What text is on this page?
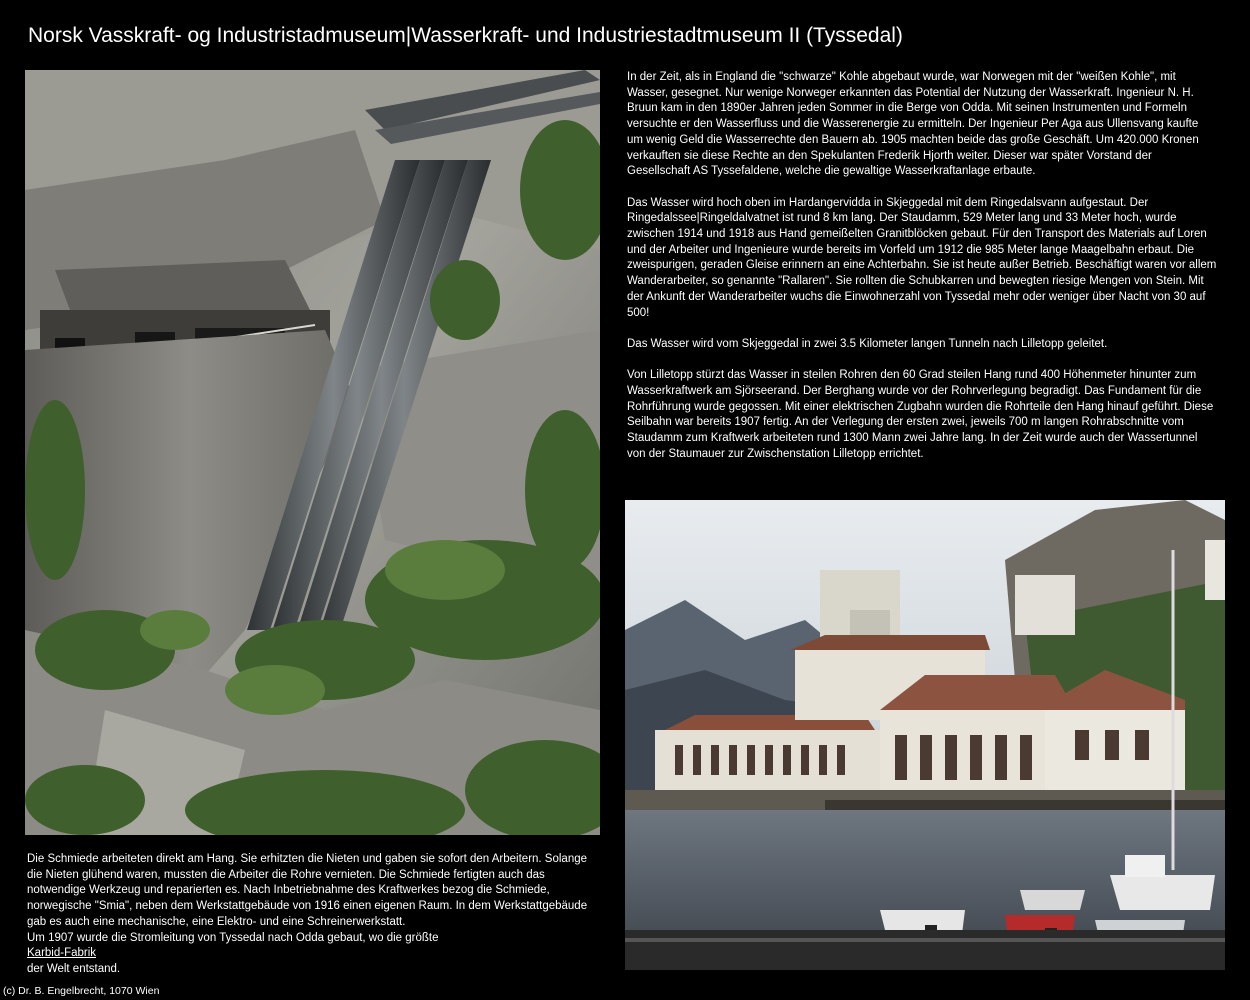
Norsk Vasskraft- og Industristadmuseum|Wasserkraft- und Industriestadtmuseum II (Tyssedal)

In der Zeit, als in England die "schwarze" Kohle abgebaut wurde, war Norwegen mit der "weißen Kohle", mit Wasser, gesegnet. Nur wenige Norweger erkannten das Potential der Nutzung der Wasserkraft. Ingenieur N. H. Bruun kam in den 1890er Jahren jeden Sommer in die Berge von Odda. Mit seinen Instrumenten und Formeln versuchte er den Wasserfluss und die Wasserenergie zu ermitteln. Der Ingenieur Per Aga aus Ullensvang kaufte um wenig Geld die Wasserrechte den Bauern ab. 1905 machten beide das große Geschäft. Um 420.000 Kronen verkauften sie diese Rechte an den Spekulanten Frederik Hjorth weiter. Dieser war später Vorstand der Gesellschaft AS Tyssefaldene, welche die gewaltige Wasserkraftanlage erbaute.

Das Wasser wird hoch oben im Hardangervidda in Skjeggedal mit dem Ringedalsvann aufgestaut. Der Ringedalssee|Ringeldalvatnet ist rund 8 km lang. Der Staudamm, 529 Meter lang und 33 Meter hoch, wurde zwischen 1914 und 1918 aus Hand gemeißelten Granitblöcken gebaut. Für den Transport des Materials auf Loren und der Arbeiter und Ingenieure wurde bereits im Vorfeld um 1912 die 985 Meter lange Maagelbahn erbaut. Die zweispurigen, geraden Gleise erinnern an eine Achterbahn. Sie ist heute außer Betrieb. Beschäftigt waren vor allem Wanderarbeiter, so genannte "Rallaren". Sie rollten die Schubkarren und bewegten riesige Mengen von Stein. Mit der Ankunft der Wanderarbeiter wuchs die Einwohnerzahl von Tyssedal mehr oder weniger über Nacht von 30 auf 500!

Das Wasser wird vom Skjeggedal in zwei 3.5 Kilometer langen Tunneln nach Lilletopp geleitet.

Von Lilletopp stürzt das Wasser in steilen Rohren den 60 Grad steilen Hang rund 400 Höhenmeter hinunter zum Wasserkraftwerk am Sjörseerand. Der Berghang wurde vor der Rohrverlegung begradigt. Das Fundament für die Rohrführung wurde gegossen. Mit einer elektrischen Zugbahn wurden die Rohrteile den Hang hinauf geführt. Diese Seilbahn war bereits 1907 fertig. An der Verlegung der ersten zwei, jeweils 700 m langen Rohrabschnitte vom Staudamm zum Kraftwerk arbeiteten rund 1300 Mann zwei Jahre lang. In der Zeit wurde auch der Wassertunnel von der Staumauer zur Zwischenstation Lilletopp errichtet.

Die Schmiede arbeiteten direkt am Hang. Sie erhitzten die Nieten und gaben sie sofort den Arbeitern. Solange die Nieten glühend waren, mussten die Arbeiter die Rohre vernieten. Die Schmiede fertigten auch das notwendige Werkzeug und reparierten es. Nach Inbetriebnahme des Kraftwerkes bezog die Schmiede, norwegische "Smia", neben dem Werkstattgebäude von 1916 einen eigenen Raum. In dem Werkstattgebäude gab es auch eine mechanische, eine Elektro- und eine Schreinerwerkstatt.
Um 1907 wurde die Stromleitung von Tyssedal nach Odda gebaut, wo die größte
Karbid-Fabrik
der Welt entstand.
(c) Dr. B. Engelbrecht, 1070 Wien
